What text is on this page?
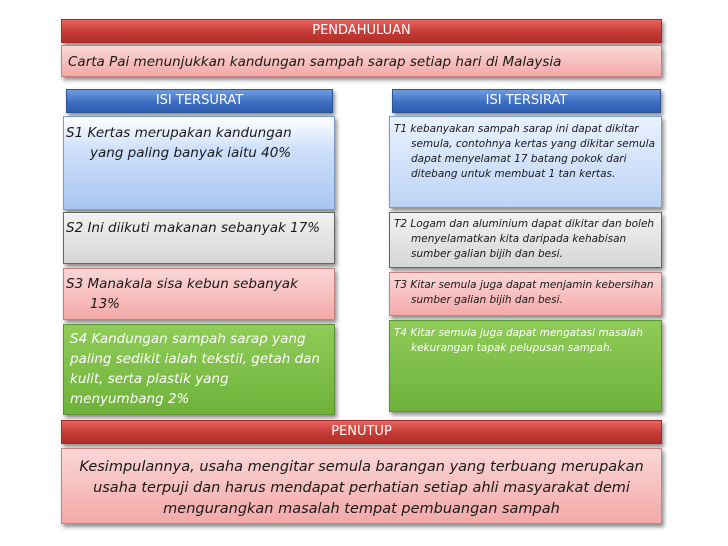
PENDAHULUAN
Carta Pai menunjukkan kandungan sampah sarap setiap hari di Malaysia
ISI TERSURAT	ISI TERSIRAT
S1 Kertas merupakan kandungan yang paling banyak iaitu 40%
S2 Ini diikuti makanan sebanyak 17%
S3 Manakala sisa kebun sebanyak 13%
S4 Kandungan sampah sarap yang paling sedikit ialah tekstil, getah dan kulit, serta plastik yang menyumbang 2%
T1 kebanyakan sampah sarap ini dapat dikitar semula, contohnya kertas yang dikitar semula dapat menyelamat 17 batang pokok dari ditebang untuk membuat 1 tan kertas.
T2 Logam dan aluminium dapat dikitar dan boleh menyelamatkan kita daripada kehabisan sumber galian bijih dan besi.
T3 Kitar semula juga dapat menjamin kebersihan sumber galian bijih dan besi.
T4 Kitar semula juga dapat mengatasi masalah kekurangan tapak pelupusan sampah.
PENUTUP
Kesimpulannya, usaha mengitar semula barangan yang terbuang merupakan usaha terpuji dan harus mendapat perhatian setiap ahli masyarakat demi mengurangkan masalah tempat pembuangan sampah
